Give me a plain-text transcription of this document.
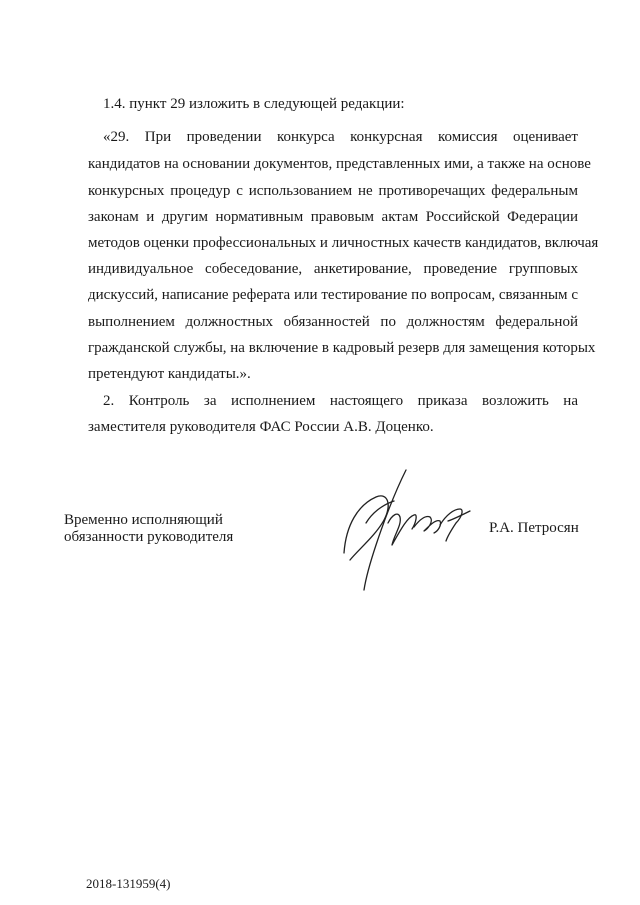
1.4. пункт 29 изложить в следующей редакции:
«29. При проведении конкурса конкурсная комиссия оценивает
кандидатов на основании документов, представленных ими, а также на основе
конкурсных процедур с использованием не противоречащих федеральным
законам и другим нормативным правовым актам Российской Федерации
методов оценки профессиональных и личностных качеств кандидатов, включая
индивидуальное собеседование, анкетирование, проведение групповых
дискуссий, написание реферата или тестирование по вопросам, связанным с
выполнением должностных обязанностей по должностям федеральной
гражданской службы, на включение в кадровый резерв для замещения которых
претендуют кандидаты.».
2. Контроль за исполнением настоящего приказа возложить на
заместителя руководителя ФАС России А.В. Доценко.
Временно исполняющий
обязанности руководителя
Р.А. Петросян
2018-131959(4)
